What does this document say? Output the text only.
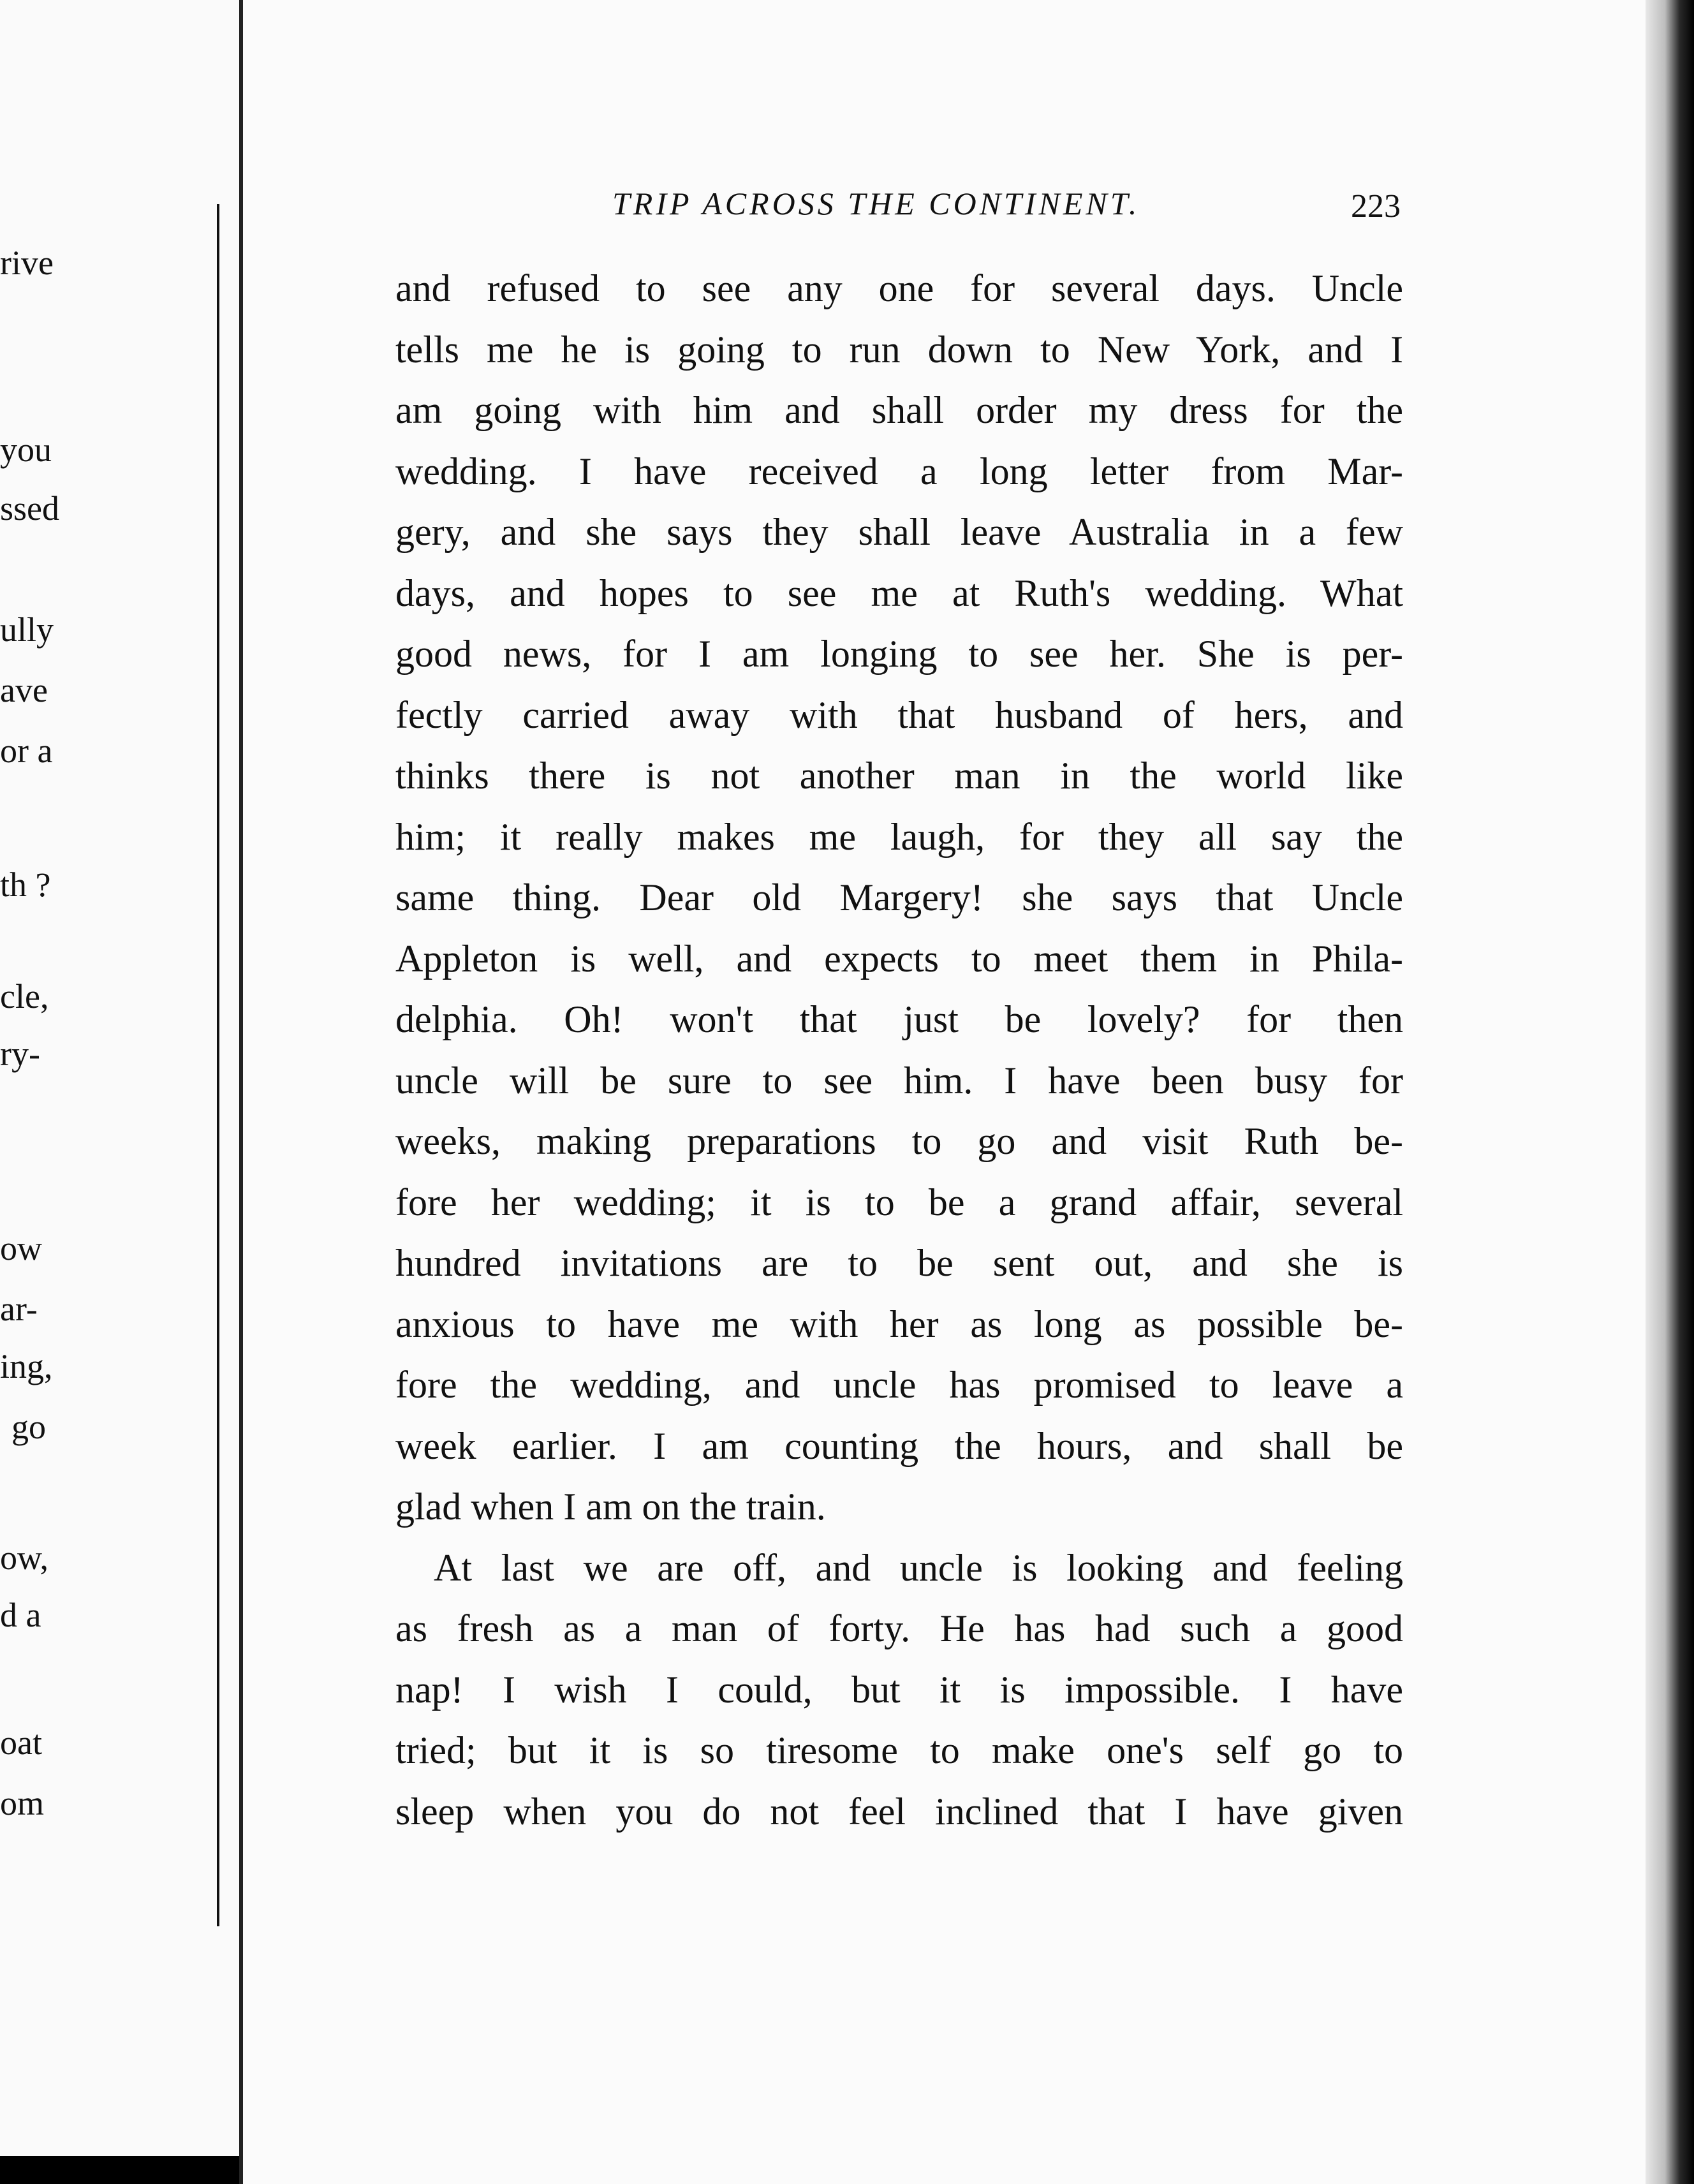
rive
you
ssed
ully
ave
or a
th ?
cle,
ry-
ow
ar-
ing,
go
ow,
d a
oat
om
TRIP ACROSS THE CONTINENT.	223
and refused to see any one for several days. Uncle
tells me he is going to run down to New York, and I
am going with him and shall order my dress for the
wedding. I have received a long letter from Mar-
gery, and she says they shall leave Australia in a few
days, and hopes to see me at Ruth's wedding. What
good news, for I am longing to see her. She is per-
fectly carried away with that husband of hers, and
thinks there is not another man in the world like
him; it really makes me laugh, for they all say the
same thing. Dear old Margery! she says that Uncle
Appleton is well, and expects to meet them in Phila-
delphia. Oh! won't that just be lovely? for then
uncle will be sure to see him. I have been busy for
weeks, making preparations to go and visit Ruth be-
fore her wedding; it is to be a grand affair, several
hundred invitations are to be sent out, and she is
anxious to have me with her as long as possible be-
fore the wedding, and uncle has promised to leave a
week earlier. I am counting the hours, and shall be
glad when I am on the train.
At last we are off, and uncle is looking and feeling
as fresh as a man of forty. He has had such a good
nap! I wish I could, but it is impossible. I have
tried; but it is so tiresome to make one's self go to
sleep when you do not feel inclined that I have given
